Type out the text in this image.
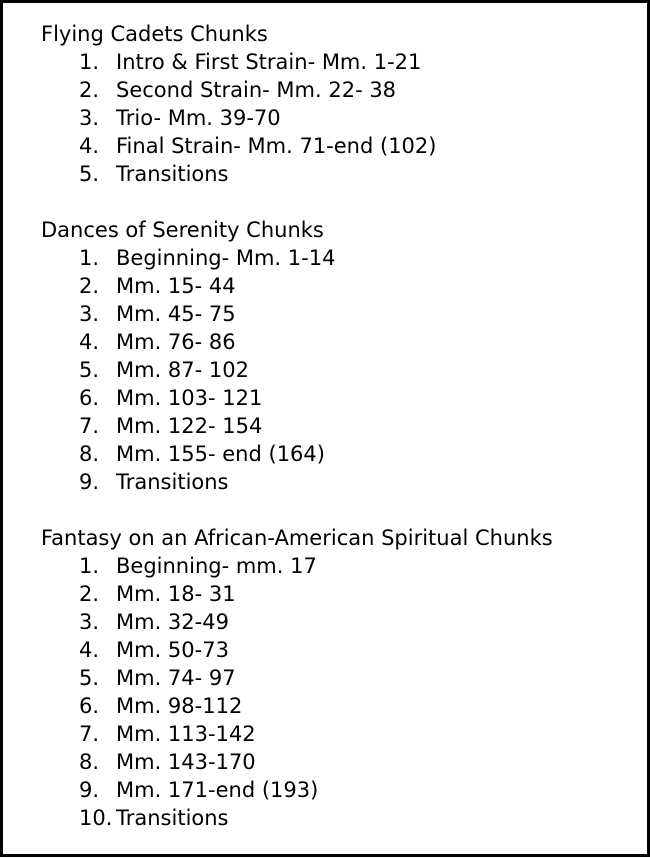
Flying Cadets Chunks
1. Intro & First Strain- Mm. 1-21
2. Second Strain- Mm. 22- 38
3. Trio- Mm. 39-70
4. Final Strain- Mm. 71-end (102)
5. Transitions
Dances of Serenity Chunks
1. Beginning- Mm. 1-14
2. Mm. 15- 44
3. Mm. 45- 75
4. Mm. 76- 86
5. Mm. 87- 102
6. Mm. 103- 121
7. Mm. 122- 154
8. Mm. 155- end (164)
9. Transitions
Fantasy on an African-American Spiritual Chunks
1. Beginning- mm. 17
2. Mm. 18- 31
3. Mm. 32-49
4. Mm. 50-73
5. Mm. 74- 97
6. Mm. 98-112
7. Mm. 113-142
8. Mm. 143-170
9. Mm. 171-end (193)
10. Transitions
